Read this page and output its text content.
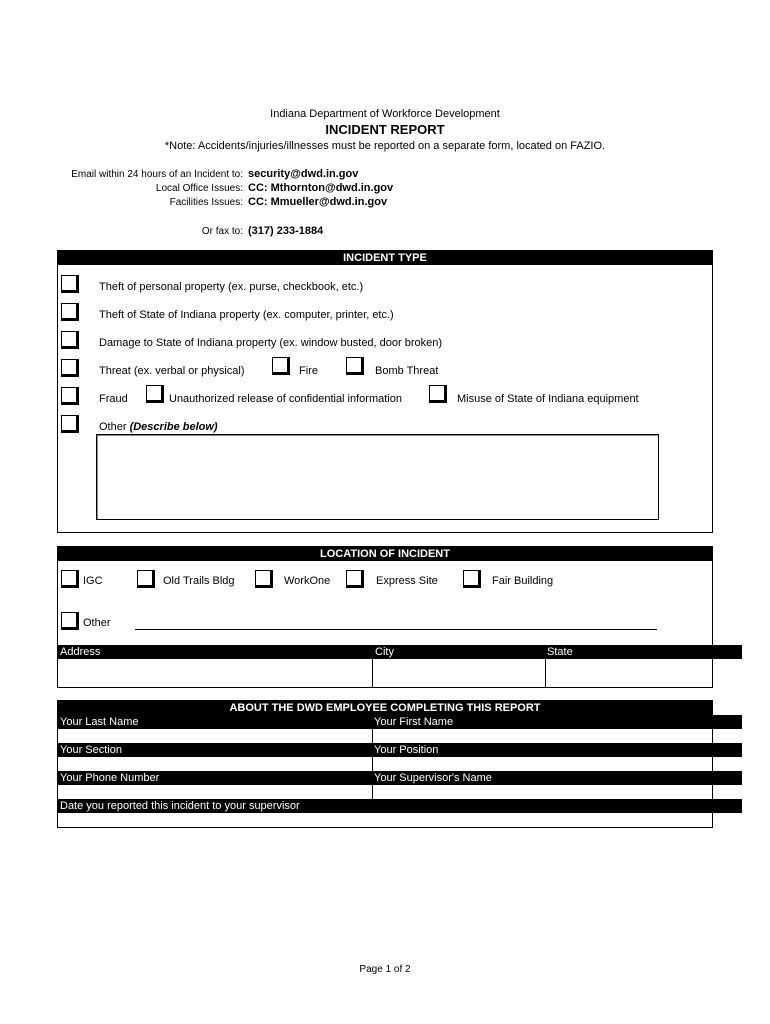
Indiana Department of Workforce Development
INCIDENT REPORT
*Note: Accidents/injuries/illnesses must be reported on a separate form, located on FAZIO.
Email within 24 hours of an Incident to: security@dwd.in.gov
Local Office Issues: CC: Mthornton@dwd.in.gov
Facilities Issues: CC: Mmueller@dwd.in.gov
Or fax to: (317) 233-1884
INCIDENT TYPE
Theft of personal property (ex. purse, checkbook, etc.)
Theft of State of Indiana property (ex. computer, printer, etc.)
Damage to State of Indiana property (ex. window busted, door broken)
Threat (ex. verbal or physical)	Fire	Bomb Threat
Fraud	Unauthorized release of confidential information	Misuse of State of Indiana equipment
Other (Describe below)
LOCATION OF INCIDENT
IGC	Old Trails Bldg	WorkOne	Express Site	Fair Building
Other
Address	City	State
ABOUT THE DWD EMPLOYEE COMPLETING THIS REPORT
Your Last Name	Your First Name
Your Section	Your Position
Your Phone Number	Your Supervisor's Name
Date you reported this incident to your supervisor
Page 1 of 2
